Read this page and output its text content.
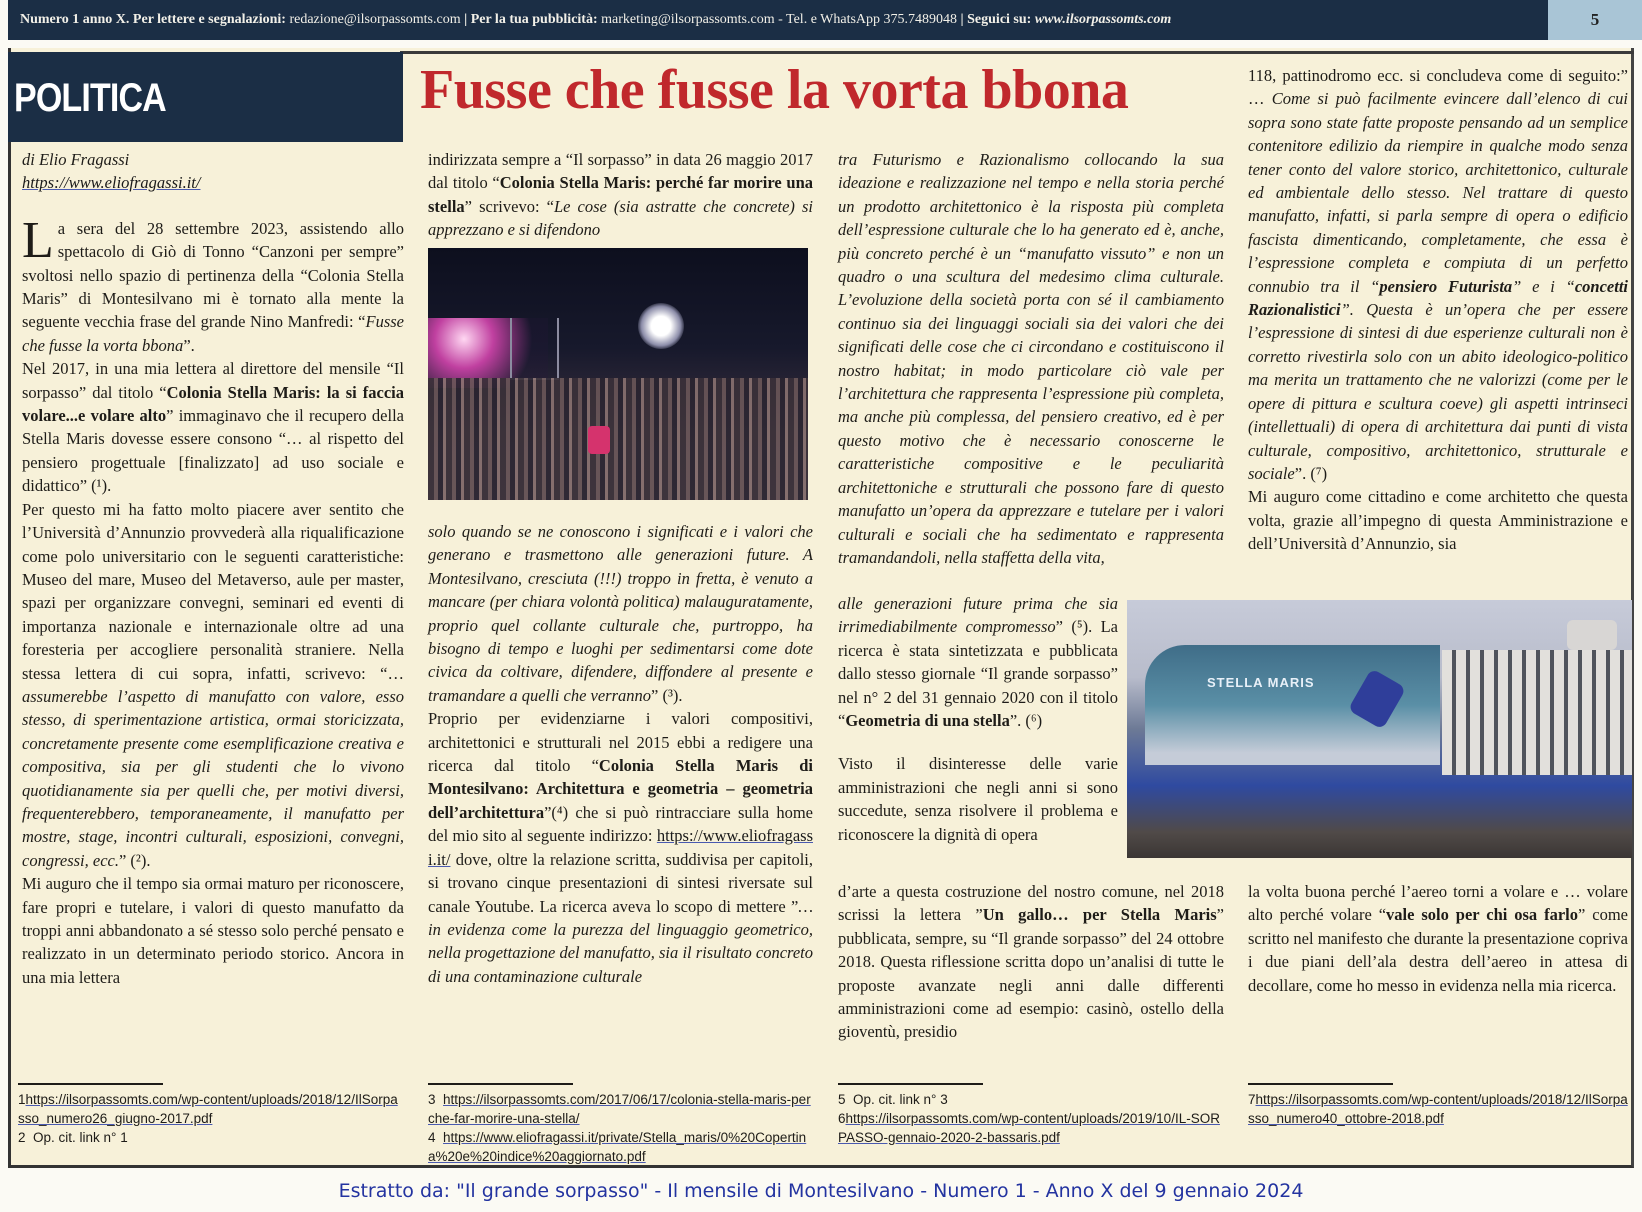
Numero 1 anno X. Per lettere e segnalazioni: redazione@ilsorpassomts.com | Per la tua pubblicità: marketing@ilsorpassomts.com - Tel. e WhatsApp 375.7489048 | Seguici su: www.ilsorpassomts.com	5
POLITICA	Fusse che fusse la vorta bbona

di Elio Fragassi

https://www.eliofragassi.it/

La sera del 28 settembre 2023, assistendo allo spettacolo di Giò di Tonno “Canzoni per sempre” svoltosi nello spazio di pertinenza della “Colonia Stella Maris” di Montesilvano mi è tornato alla mente la seguente vecchia frase del grande Nino Manfredi: “Fusse che fusse la vorta bbona”.

Nel 2017, in una mia lettera al direttore del mensile “Il sorpasso” dal titolo “Colonia Stella Maris: la si faccia volare...e volare alto” immaginavo che il recupero della Stella Maris dovesse essere consono “… al rispetto del pensiero progettuale [finalizzato] ad uso sociale e didattico” (¹).

Per questo mi ha fatto molto piacere aver sentito che l’Università d’Annunzio provvederà alla riqualificazione come polo universitario con le seguenti caratteristiche: Museo del mare, Museo del Metaverso, aule per master, spazi per organizzare convegni, seminari ed eventi di importanza nazionale e internazionale oltre ad una foresteria per accogliere personalità straniere. Nella stessa lettera di cui sopra, infatti, scrivevo: “… assumerebbe l’aspetto di manufatto con valore, esso stesso, di sperimentazione artistica, ormai storicizzata, concretamente presente come esemplificazione creativa e compositiva, sia per gli studenti che lo vivono quotidianamente sia per quelli che, per motivi diversi, frequenterebbero, temporaneamente, il manufatto per mostre, stage, incontri culturali, esposizioni, convegni, congressi, ecc.” (²).

Mi auguro che il tempo sia ormai maturo per riconoscere, fare propri e tutelare, i valori di questo manufatto da troppi anni abbandonato a sé stesso solo perché pensato e realizzato in un determinato periodo storico. Ancora in una mia lettera

indirizzata sempre a “Il sorpasso” in data 26 maggio 2017 dal titolo “Colonia Stella Maris: perché far morire una stella” scrivevo: “Le cose (sia astratte che concrete) si apprezzano e si difendono

solo quando se ne conoscono i significati e i valori che generano e trasmettono alle generazioni future. A Montesilvano, cresciuta (!!!) troppo in fretta, è venuto a mancare (per chiara volontà politica) malauguratamente, proprio quel collante culturale che, purtroppo, ha bisogno di tempo e luoghi per sedimentarsi come dote civica da coltivare, difendere, diffondere al presente e tramandare a quelli che verranno” (³).

Proprio per evidenziarne i valori compositivi, architettonici e strutturali nel 2015 ebbi a redigere una ricerca dal titolo “Colonia Stella Maris di Montesilvano: Architettura e geometria – geometria dell’architettura”(⁴) che si può rintracciare sulla home del mio sito al seguente indirizzo: https://www.eliofragassi.it/ dove, oltre la relazione scritta, suddivisa per capitoli, si trovano cinque presentazioni di sintesi riversate sul canale Youtube. La ricerca aveva lo scopo di mettere ”… in evidenza come la purezza del linguaggio geometrico, nella progettazione del manufatto, sia il risultato concreto di una contaminazione culturale

tra Futurismo e Razionalismo collocando la sua ideazione e realizzazione nel tempo e nella storia perché un prodotto architettonico è la risposta più completa dell’espressione culturale che lo ha generato ed è, anche, più concreto perché è un “manufatto vissuto” e non un quadro o una scultura del medesimo clima culturale. L’evoluzione della società porta con sé il cambiamento continuo sia dei linguaggi sociali sia dei valori che dei significati delle cose che ci circondano e costituiscono il nostro habitat; in modo particolare ciò vale per l’architettura che rappresenta l’espressione più completa, ma anche più complessa, del pensiero creativo, ed è per questo motivo che è necessario conoscerne le caratteristiche compositive e le peculiarità architettoniche e strutturali che possono fare di questo manufatto un’opera da apprezzare e tutelare per i valori culturali e sociali che ha sedimentato e rappresenta tramandandoli, nella staffetta della vita,

alle generazioni future prima che sia irrimediabilmente compromesso” (⁵). La ricerca è stata sintetizzata e pubblicata dallo stesso giornale “Il grande sorpasso” nel n° 2 del 31 gennaio 2020 con il titolo “Geometria di una stella”. (⁶)

Visto il disinteresse delle varie amministrazioni che negli anni si sono succedute, senza risolvere il problema e riconoscere la dignità di opera

d’arte a questa costruzione del nostro comune, nel 2018 scrissi la lettera ”Un gallo… per Stella Maris” pubblicata, sempre, su “Il grande sorpasso” del 24 ottobre 2018. Questa riflessione scritta dopo un’analisi di tutte le proposte avanzate negli anni dalle differenti amministrazioni come ad esempio: casinò, ostello della gioventù, presidio

118, pattinodromo ecc. si concludeva come di seguito:” … Come si può facilmente evincere dall’elenco di cui sopra sono state fatte proposte pensando ad un semplice contenitore edilizio da riempire in qualche modo senza tener conto del valore storico, architettonico, culturale ed ambientale dello stesso. Nel trattare di questo manufatto, infatti, si parla sempre di opera o edificio fascista dimenticando, completamente, che essa è l’espressione completa e compiuta di un perfetto connubio tra il “pensiero Futurista” e i “concetti Razionalistici”. Questa è un’opera che per essere l’espressione di sintesi di due esperienze culturali non è corretto rivestirla solo con un abito ideologico-politico ma merita un trattamento che ne valorizzi (come per le opere di pittura e scultura coeve) gli aspetti intrinseci (intellettuali) di opera di architettura dai punti di vista culturale, compositivo, architettonico, strutturale e sociale”. (⁷)

Mi auguro come cittadino e come architetto che questa volta, grazie all’impegno di questa Amministrazione e dell’Università d’Annunzio, sia

STELLA MARIS

la volta buona perché l’aereo torni a volare e … volare alto perché volare “vale solo per chi osa farlo” come scritto nel manifesto che durante la presentazione copriva i due piani dell’ala destra dell’aereo in attesa di decollare, come ho messo in evidenza nella mia ricerca.

1https://ilsorpassomts.com/wp-content/uploads/2018/12/IlSorpasso_numero26_giugno-2017.pdf
2 Op. cit. link n° 1
3 https://ilsorpassomts.com/2017/06/17/colonia-stella-maris-perche-far-morire-una-stella/
4 https://www.eliofragassi.it/private/Stella_maris/0%20Copertina%20e%20indice%20aggiornato.pdf
5 Op. cit. link n° 3
6https://ilsorpassomts.com/wp-content/uploads/2019/10/IL-SORPASSO-gennaio-2020-2-bassaris.pdf
7https://ilsorpassomts.com/wp-content/uploads/2018/12/IlSorpasso_numero40_ottobre-2018.pdf
Estratto da: "Il grande sorpasso" - Il mensile di Montesilvano - Numero 1 - Anno X del 9 gennaio 2024
